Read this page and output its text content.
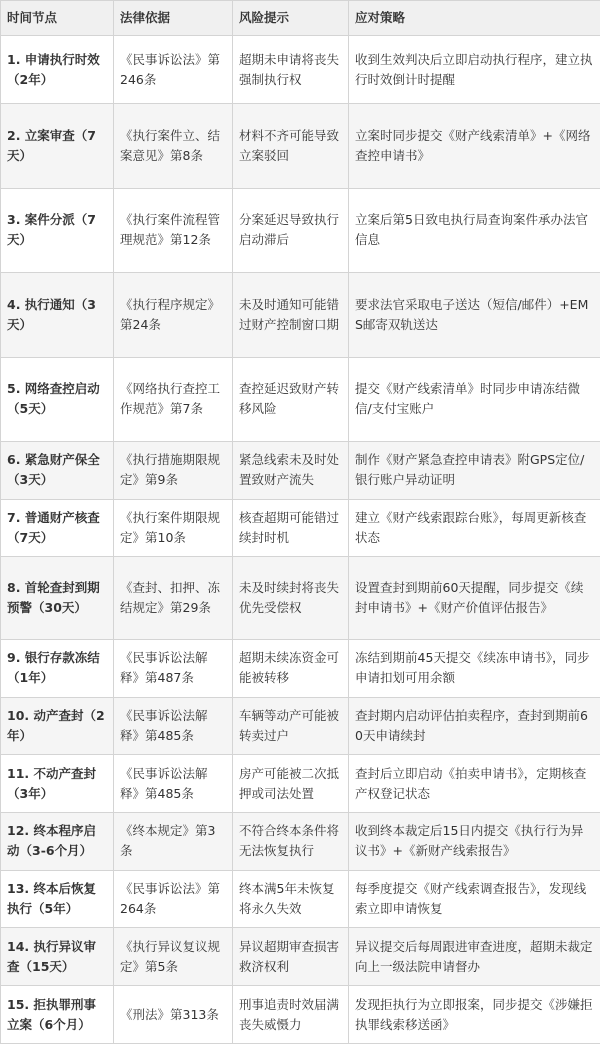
时间节点	法律依据	风险提示	应对策略
1. 申请执行时效（2年）	《民事诉讼法》第246条	超期未申请将丧失强制执行权	收到生效判决后立即启动执行程序，建立执行时效倒计时提醒
2. 立案审查（7天）	《执行案件立、结案意见》第8条	材料不齐可能导致立案驳回	立案时同步提交《财产线索清单》+《网络查控申请书》
3. 案件分派（7天）	《执行案件流程管理规范》第12条	分案延迟导致执行启动滞后	立案后第5日致电执行局查询案件承办法官信息
4. 执行通知（3天）	《执行程序规定》第24条	未及时通知可能错过财产控制窗口期	要求法官采取电子送达（短信/邮件）+EMS邮寄双轨送达
5. 网络查控启动（5天）	《网络执行查控工作规范》第7条	查控延迟致财产转移风险	提交《财产线索清单》时同步申请冻结微信/支付宝账户
6. 紧急财产保全（3天）	《执行措施期限规定》第9条	紧急线索未及时处置致财产流失	制作《财产紧急查控申请表》附GPS定位/银行账户异动证明
7. 普通财产核查（7天）	《执行案件期限规定》第10条	核查超期可能错过续封时机	建立《财产线索跟踪台账》，每周更新核查状态
8. 首轮查封到期预警（30天）	《查封、扣押、冻结规定》第29条	未及时续封将丧失优先受偿权	设置查封到期前60天提醒，同步提交《续封申请书》+《财产价值评估报告》
9. 银行存款冻结（1年）	《民事诉讼法解释》第487条	超期未续冻资金可能被转移	冻结到期前45天提交《续冻申请书》，同步申请扣划可用余额
10. 动产查封（2年）	《民事诉讼法解释》第485条	车辆等动产可能被转卖过户	查封期内启动评估拍卖程序，查封到期前60天申请续封
11. 不动产查封（3年）	《民事诉讼法解释》第485条	房产可能被二次抵押或司法处置	查封后立即启动《拍卖申请书》，定期核查产权登记状态
12. 终本程序启动（3-6个月）	《终本规定》第3条	不符合终本条件将无法恢复执行	收到终本裁定后15日内提交《执行行为异议书》+《新财产线索报告》
13. 终本后恢复执行（5年）	《民事诉讼法》第264条	终本满5年未恢复将永久失效	每季度提交《财产线索调查报告》，发现线索立即申请恢复
14. 执行异议审查（15天）	《执行异议复议规定》第5条	异议超期审查损害救济权利	异议提交后每周跟进审查进度，超期未裁定向上一级法院申请督办
15. 拒执罪刑事立案（6个月）	《刑法》第313条	刑事追责时效届满丧失威慑力	发现拒执行为立即报案，同步提交《涉嫌拒执罪线索移送函》
